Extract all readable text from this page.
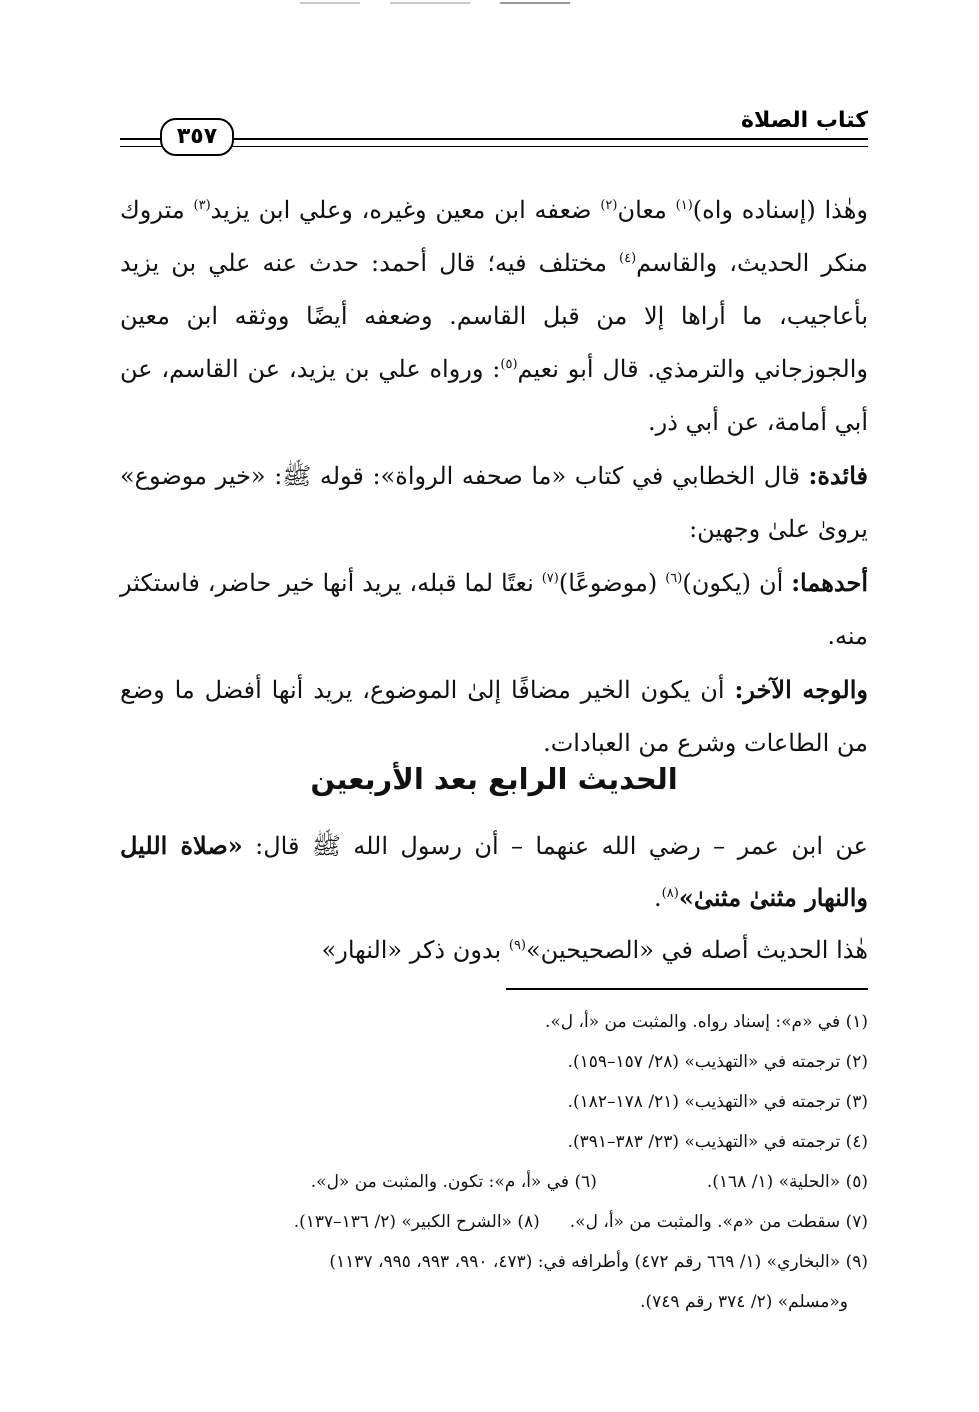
كتاب الصلاة
٣٥٧

وهٰذا (إسناده واه)$^{(١)}$ معان$^{(٢)}$ ضعفه ابن معين وغيره، وعلي ابن يزيد$^{(٣)}$ متروك منكر الحديث، والقاسم$^{(٤)}$ مختلف فيه؛ قال أحمد: حدث عنه علي بن يزيد بأعاجيب، ما أراها إلا من قبل القاسم. وضعفه أيضًا ووثقه ابن معين والجوزجاني والترمذي. قال أبو نعيم$^{(٥)}$: ورواه علي بن يزيد، عن القاسم، عن أبي أمامة، عن أبي ذر.

فائدة: قال الخطابي في كتاب «ما صحفه الرواة»: قوله ﷺ: «خير موضوع» يروىٰ علىٰ وجهين:

أحدهما: أن (يكون)$^{(٦)}$ (موضوعًا)$^{(٧)}$ نعتًا لما قبله، يريد أنها خير حاضر، فاستكثر منه.

والوجه الآخر: أن يكون الخير مضافًا إلىٰ الموضوع، يريد أنها أفضل ما وضع من الطاعات وشرع من العبادات.

الحديث الرابع بعد الأربعين

عن ابن عمر – رضي الله عنهما – أن رسول الله ﷺ قال: «صلاة الليل والنهار مثنىٰ مثنىٰ»$^{(٨)}$.

هٰذا الحديث أصله في «الصحيحين»$^{(٩)}$ بدون ذكر «النهار»

(١) في «م»: إسناد رواه. والمثبت من «أ، ل».
(٢) ترجمته في «التهذيب» (٢٨/ ١٥٧–١٥٩).
(٣) ترجمته في «التهذيب» (٢١/ ١٧٨–١٨٢).
(٤) ترجمته في «التهذيب» (٢٣/ ٣٨٣–٣٩١).
(٥) «الحلية» (١/ ١٦٨).
(٦) في «أ، م»: تكون. والمثبت من «ل».
(٧) سقطت من «م». والمثبت من «أ، ل».
(٨) «الشرح الكبير» (٢/ ١٣٦–١٣٧).
(٩) «البخاري» (١/ ٦٦٩ رقم ٤٧٢) وأطرافه في: (٤٧٣، ٩٩٠، ٩٩٣، ٩٩٥، ١١٣٧)
و«مسلم» (٢/ ٣٧٤ رقم ٧٤٩).
